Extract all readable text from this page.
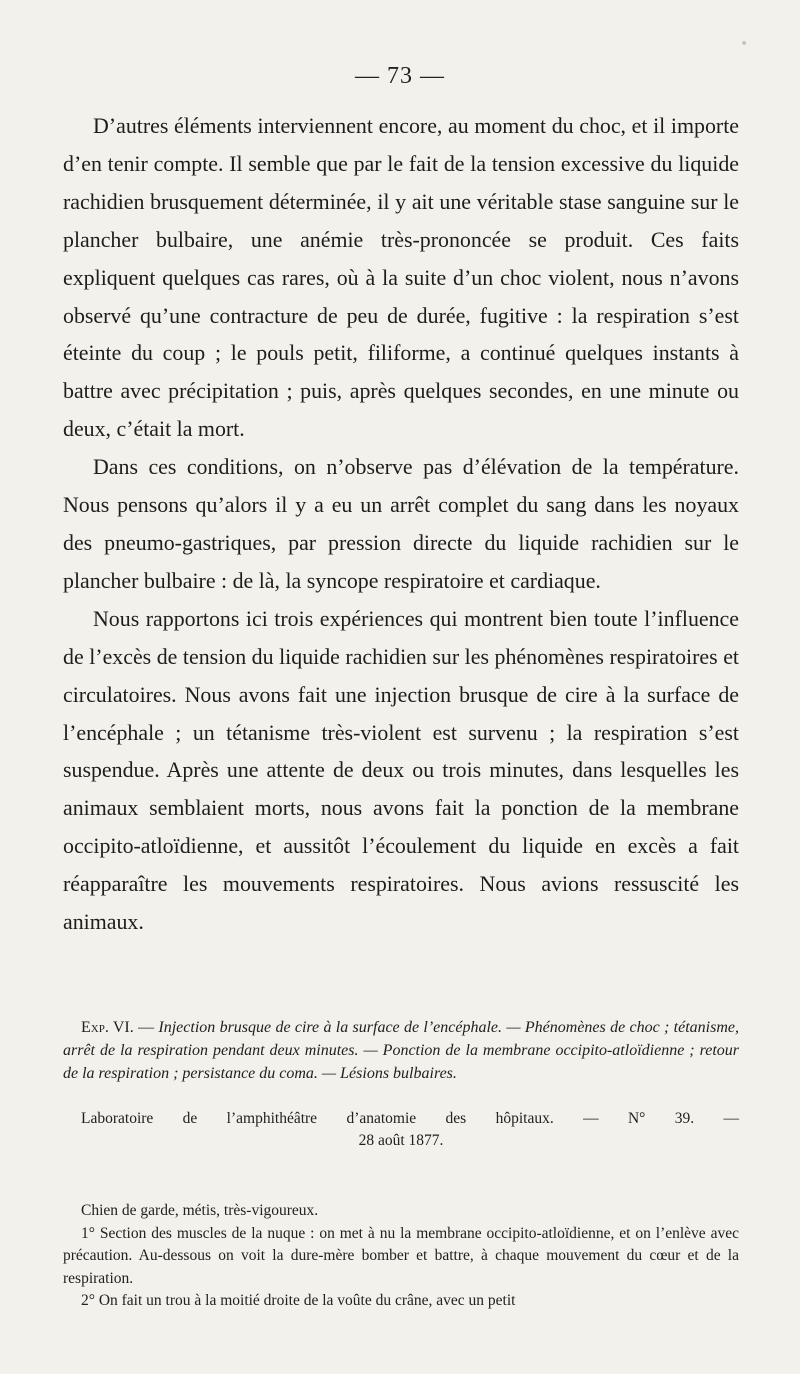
•
— 73 —

D’autres éléments interviennent encore, au moment du choc, et il importe d’en tenir compte. Il semble que par le fait de la tension excessive du liquide rachidien brusquement déterminée, il y ait une véritable stase sanguine sur le plancher bulbaire, une anémie très-prononcée se produit. Ces faits expliquent quelques cas rares, où à la suite d’un choc violent, nous n’avons observé qu’une contracture de peu de durée, fugitive : la respiration s’est éteinte du coup ; le pouls petit, filiforme, a continué quelques instants à battre avec précipitation ; puis, après quelques secondes, en une minute ou deux, c’était la mort.

Dans ces conditions, on n’observe pas d’élévation de la température. Nous pensons qu’alors il y a eu un arrêt complet du sang dans les noyaux des pneumo-gastriques, par pression directe du liquide rachidien sur le plancher bulbaire : de là, la syncope respiratoire et cardiaque.

Nous rapportons ici trois expériences qui montrent bien toute l’influence de l’excès de tension du liquide rachidien sur les phénomènes respiratoires et circulatoires. Nous avons fait une injection brusque de cire à la surface de l’encéphale ; un tétanisme très-violent est survenu ; la respiration s’est suspendue. Après une attente de deux ou trois minutes, dans lesquelles les animaux semblaient morts, nous avons fait la ponction de la membrane occipito-atloïdienne, et aussitôt l’écoulement du liquide en excès a fait réapparaître les mouvements respiratoires. Nous avions ressuscité les animaux.

Exp. VI. — Injection brusque de cire à la surface de l’encéphale. — Phénomènes de choc ; tétanisme, arrêt de la respiration pendant deux minutes. — Ponction de la membrane occipito-atloïdienne ; retour de la respiration ; persistance du coma. — Lésions bulbaires.

Laboratoire de l’amphithéâtre d’anatomie des hôpitaux. — N° 39. —
28 août 1877.

Chien de garde, métis, très-vigoureux.

1° Section des muscles de la nuque : on met à nu la membrane occipito-atloïdienne, et on l’enlève avec précaution. Au-dessous on voit la dure-mère bomber et battre, à chaque mouvement du cœur et de la respiration.

2° On fait un trou à la moitié droite de la voûte du crâne, avec un petit
